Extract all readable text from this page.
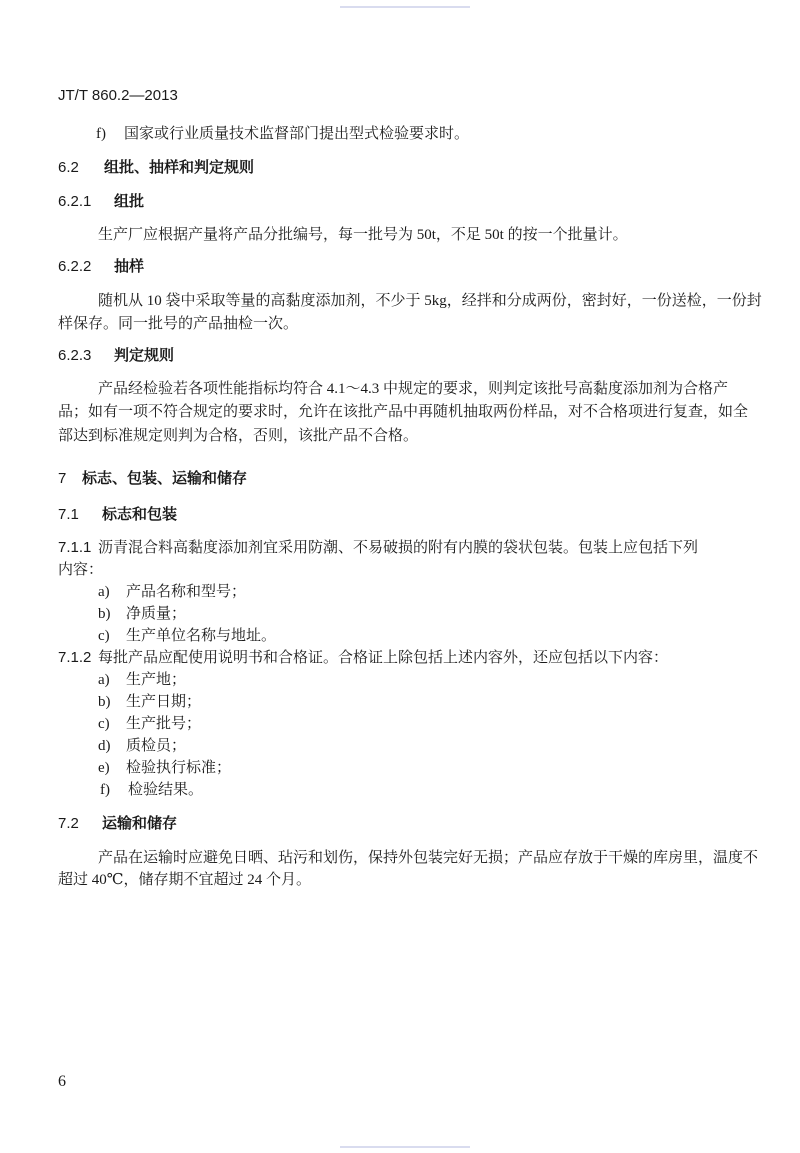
JT/T 860.2—2013
f) 国家或行业质量技术监督部门提出型式检验要求时。
6.2 组批、抽样和判定规则
6.2.1 组批
生产厂应根据产量将产品分批编号，每一批号为 50t，不足 50t 的按一个批量计。
6.2.2 抽样
随机从 10 袋中采取等量的高黏度添加剂，不少于 5kg，经拌和分成两份，密封好，一份送检，一份封
样保存。同一批号的产品抽检一次。
6.2.3 判定规则
产品经检验若各项性能指标均符合 4.1～4.3 中规定的要求，则判定该批号高黏度添加剂为合格产
品；如有一项不符合规定的要求时，允许在该批产品中再随机抽取两份样品，对不合格项进行复查，如全
部达到标准规定则判为合格，否则，该批产品不合格。
7 标志、包装、运输和储存
7.1 标志和包装
7.1.1 沥青混合料高黏度添加剂宜采用防潮、不易破损的附有内膜的袋状包装。包装上应包括下列
内容：
a) 产品名称和型号；
b) 净质量；
c) 生产单位名称与地址。
7.1.2 每批产品应配使用说明书和合格证。合格证上除包括上述内容外，还应包括以下内容：
a) 生产地；
b) 生产日期；
c) 生产批号；
d) 质检员；
e) 检验执行标准；
f) 检验结果。
7.2 运输和储存
产品在运输时应避免日晒、玷污和划伤，保持外包装完好无损；产品应存放于干燥的库房里，温度不
超过 40℃，储存期不宜超过 24 个月。
6
